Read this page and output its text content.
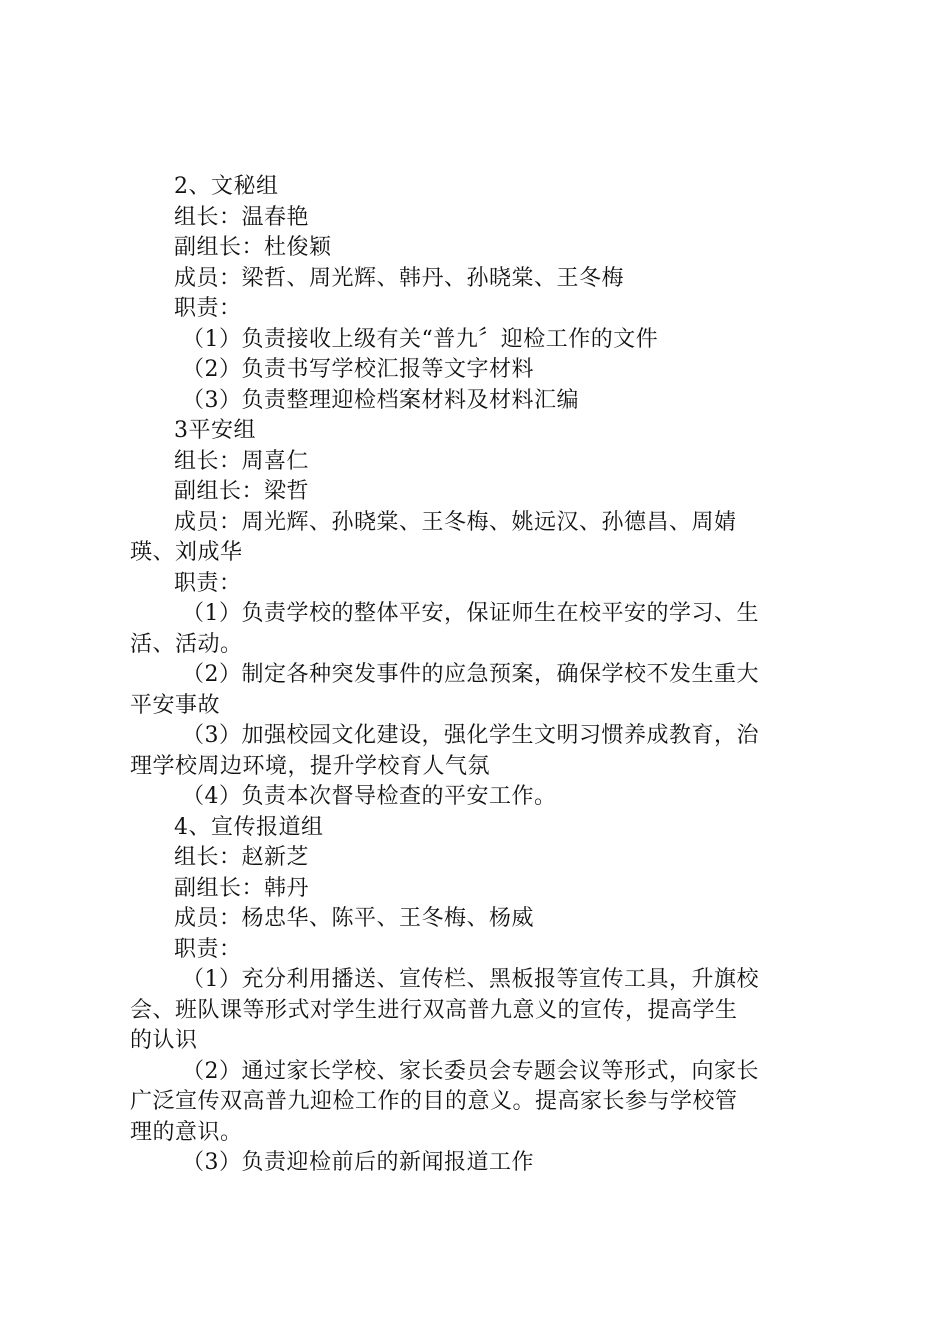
2、文秘组
组长：温春艳
副组长：杜俊颖
成员：梁哲、周光辉、韩丹、孙晓棠、王冬梅
职责：
（1）负责接收上级有关“普九〞迎检工作的文件
（2）负责书写学校汇报等文字材料
（3）负责整理迎检档案材料及材料汇编
3平安组
组长：周喜仁
副组长：梁哲
成员：周光辉、孙晓棠、王冬梅、姚远汉、孙德昌、周婧
瑛、刘成华
职责：
（1）负责学校的整体平安，保证师生在校平安的学习、生
活、活动。
（2）制定各种突发事件的应急预案，确保学校不发生重大
平安事故
（3）加强校园文化建设，强化学生文明习惯养成教育，治
理学校周边环境，提升学校育人气氛
（4）负责本次督导检查的平安工作。
4、宣传报道组
组长：赵新芝
副组长：韩丹
成员：杨忠华、陈平、王冬梅、杨威
职责：
（1）充分利用播送、宣传栏、黑板报等宣传工具，升旗校
会、班队课等形式对学生进行双高普九意义的宣传，提高学生
的认识
（2）通过家长学校、家长委员会专题会议等形式，向家长
广泛宣传双高普九迎检工作的目的意义。提高家长参与学校管
理的意识。
（3）负责迎检前后的新闻报道工作
